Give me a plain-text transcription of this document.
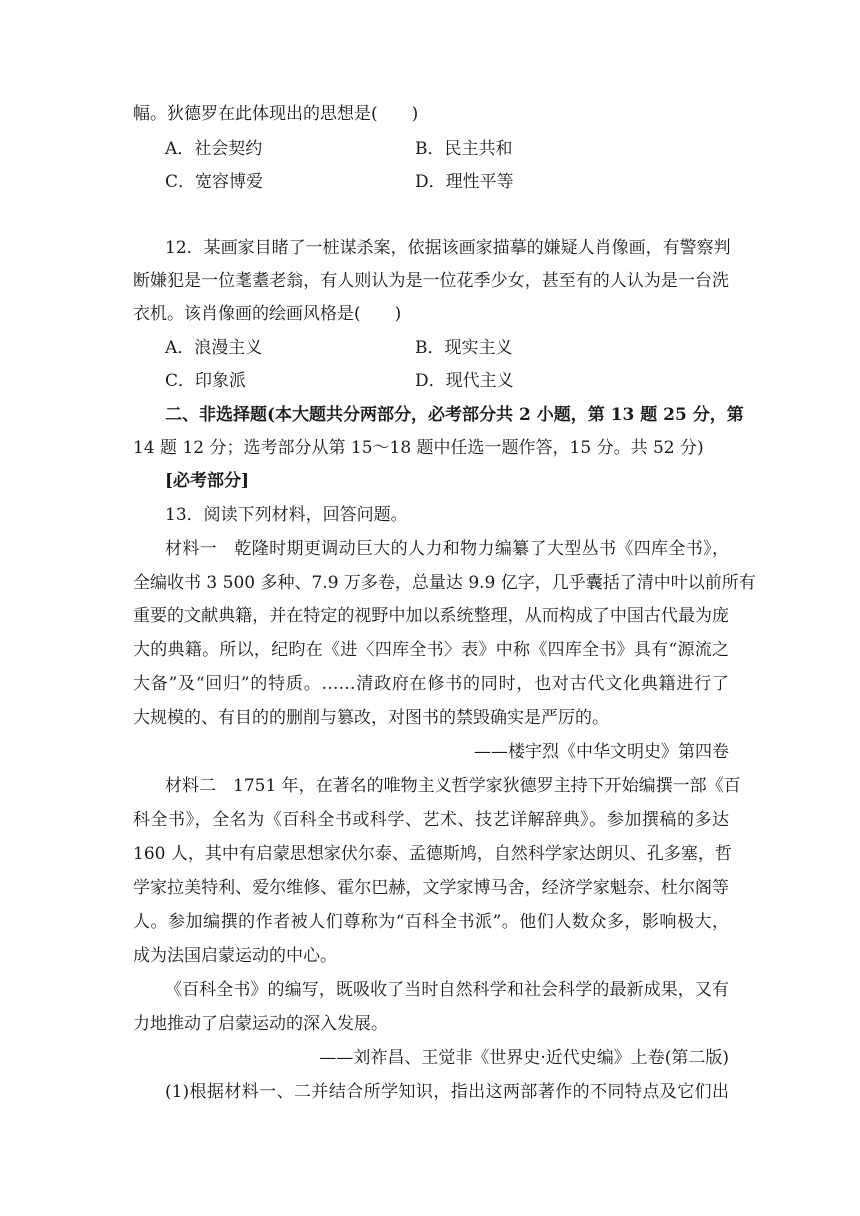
幅。狄德罗在此体现出的思想是(　　)
A．社会契约	B．民主共和
C．宽容博爱	D．理性平等
12．某画家目睹了一桩谋杀案，依据该画家描摹的嫌疑人肖像画，有警察判
断嫌犯是一位耄耋老翁，有人则认为是一位花季少女，甚至有的人认为是一台洗
衣机。该肖像画的绘画风格是(　　)
A．浪漫主义	B．现实主义
C．印象派	D．现代主义
二、非选择题(本大题共分两部分，必考部分共 2 小题，第 13 题 25 分，第
14 题 12 分；选考部分从第 15～18 题中任选一题作答，15 分。共 52 分)
[必考部分]
13．阅读下列材料，回答问题。
材料一　乾隆时期更调动巨大的人力和物力编纂了大型丛书《四库全书》，
全编收书 3 500 多种、7.9 万多卷，总量达 9.9 亿字，几乎囊括了清中叶以前所有
重要的文献典籍，并在特定的视野中加以系统整理，从而构成了中国古代最为庞
大的典籍。所以，纪昀在《进〈四库全书〉表》中称《四库全书》具有“源流之
大备”及“回归”的特质。……清政府在修书的同时，也对古代文化典籍进行了
大规模的、有目的的删削与篡改，对图书的禁毁确实是严厉的。
——楼宇烈《中华文明史》第四卷
材料二　1751 年，在著名的唯物主义哲学家狄德罗主持下开始编撰一部《百
科全书》，全名为《百科全书或科学、艺术、技艺详解辞典》。参加撰稿的多达
160 人，其中有启蒙思想家伏尔泰、孟德斯鸠，自然科学家达朗贝、孔多塞，哲
学家拉美特利、爱尔维修、霍尔巴赫，文学家博马舍，经济学家魁奈、杜尔阁等
人。参加编撰的作者被人们尊称为“百科全书派”。他们人数众多，影响极大，
成为法国启蒙运动的中心。
《百科全书》的编写，既吸收了当时自然科学和社会科学的最新成果，又有
力地推动了启蒙运动的深入发展。
——刘祚昌、王觉非《世界史·近代史编》上卷(第二版)
(1)根据材料一、二并结合所学知识，指出这两部著作的不同特点及它们出
